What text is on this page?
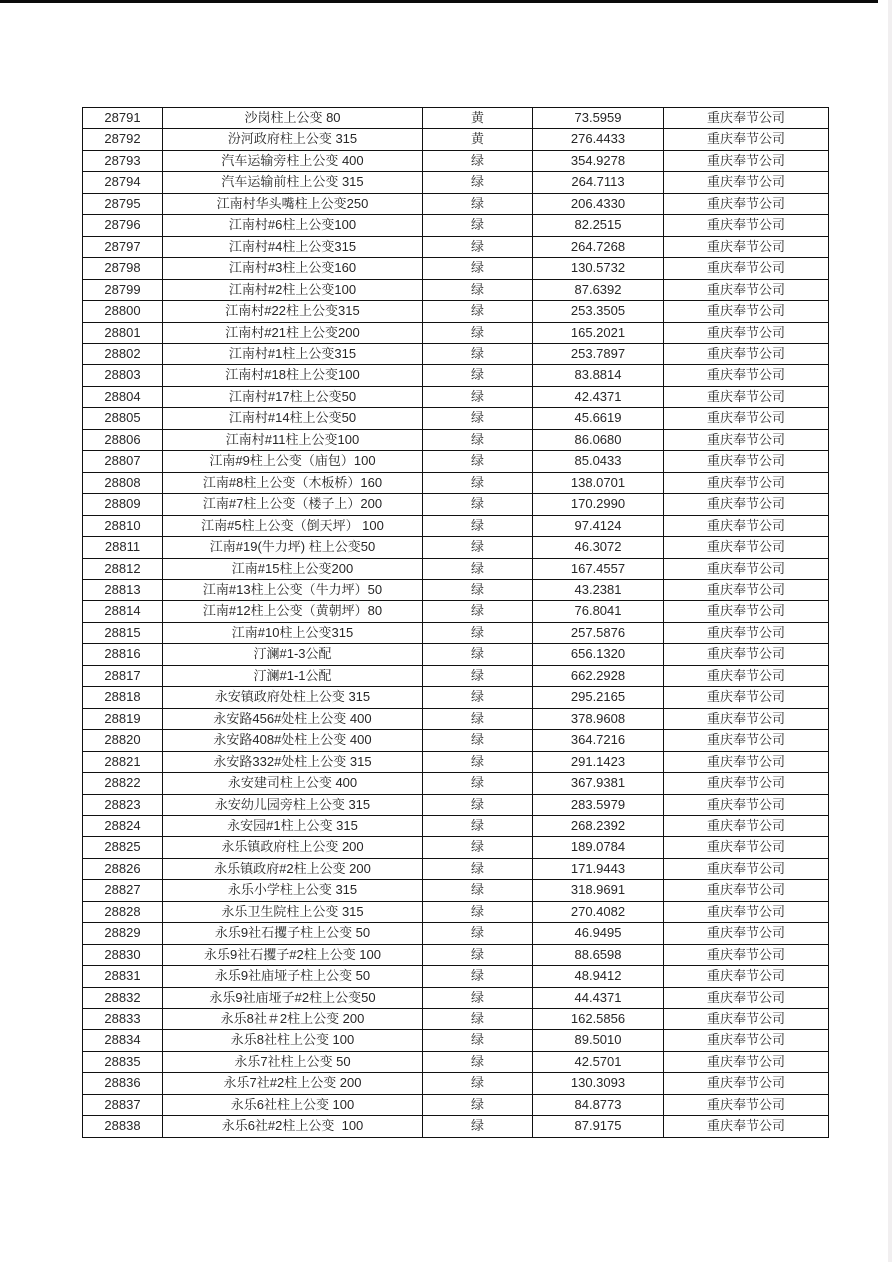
28791	沙岗柱上公变 80	黄	73.5959	重庆奉节公司
28792	汾河政府柱上公变 315	黄	276.4433	重庆奉节公司
28793	汽车运输旁柱上公变 400	绿	354.9278	重庆奉节公司
28794	汽车运输前柱上公变 315	绿	264.7113	重庆奉节公司
28795	江南村华头嘴柱上公变250	绿	206.4330	重庆奉节公司
28796	江南村#6柱上公变100	绿	82.2515	重庆奉节公司
28797	江南村#4柱上公变315	绿	264.7268	重庆奉节公司
28798	江南村#3柱上公变160	绿	130.5732	重庆奉节公司
28799	江南村#2柱上公变100	绿	87.6392	重庆奉节公司
28800	江南村#22柱上公变315	绿	253.3505	重庆奉节公司
28801	江南村#21柱上公变200	绿	165.2021	重庆奉节公司
28802	江南村#1柱上公变315	绿	253.7897	重庆奉节公司
28803	江南村#18柱上公变100	绿	83.8814	重庆奉节公司
28804	江南村#17柱上公变50	绿	42.4371	重庆奉节公司
28805	江南村#14柱上公变50	绿	45.6619	重庆奉节公司
28806	江南村#11柱上公变100	绿	86.0680	重庆奉节公司
28807	江南#9柱上公变（庙包）100	绿	85.0433	重庆奉节公司
28808	江南#8柱上公变（木板桥）160	绿	138.0701	重庆奉节公司
28809	江南#7柱上公变（楼子上）200	绿	170.2990	重庆奉节公司
28810	江南#5柱上公变（倒天坪） 100	绿	97.4124	重庆奉节公司
28811	江南#19(牛力坪) 柱上公变50	绿	46.3072	重庆奉节公司
28812	江南#15柱上公变200	绿	167.4557	重庆奉节公司
28813	江南#13柱上公变（牛力坪）50	绿	43.2381	重庆奉节公司
28814	江南#12柱上公变（黄朝坪）80	绿	76.8041	重庆奉节公司
28815	江南#10柱上公变315	绿	257.5876	重庆奉节公司
28816	汀澜#1-3公配	绿	656.1320	重庆奉节公司
28817	汀澜#1-1公配	绿	662.2928	重庆奉节公司
28818	永安镇政府处柱上公变 315	绿	295.2165	重庆奉节公司
28819	永安路456#处柱上公变 400	绿	378.9608	重庆奉节公司
28820	永安路408#处柱上公变 400	绿	364.7216	重庆奉节公司
28821	永安路332#处柱上公变 315	绿	291.1423	重庆奉节公司
28822	永安建司柱上公变 400	绿	367.9381	重庆奉节公司
28823	永安幼儿园旁柱上公变 315	绿	283.5979	重庆奉节公司
28824	永安园#1柱上公变 315	绿	268.2392	重庆奉节公司
28825	永乐镇政府柱上公变 200	绿	189.0784	重庆奉节公司
28826	永乐镇政府#2柱上公变 200	绿	171.9443	重庆奉节公司
28827	永乐小学柱上公变 315	绿	318.9691	重庆奉节公司
28828	永乐卫生院柱上公变 315	绿	270.4082	重庆奉节公司
28829	永乐9社石攫子柱上公变 50	绿	46.9495	重庆奉节公司
28830	永乐9社石攫子#2柱上公变 100	绿	88.6598	重庆奉节公司
28831	永乐9社庙垭子柱上公变 50	绿	48.9412	重庆奉节公司
28832	永乐9社庙垭子#2柱上公变50	绿	44.4371	重庆奉节公司
28833	永乐8社＃2柱上公变 200	绿	162.5856	重庆奉节公司
28834	永乐8社柱上公变 100	绿	89.5010	重庆奉节公司
28835	永乐7社柱上公变 50	绿	42.5701	重庆奉节公司
28836	永乐7社#2柱上公变 200	绿	130.3093	重庆奉节公司
28837	永乐6社柱上公变 100	绿	84.8773	重庆奉节公司
28838	永乐6社#2柱上公变  100	绿	87.9175	重庆奉节公司
